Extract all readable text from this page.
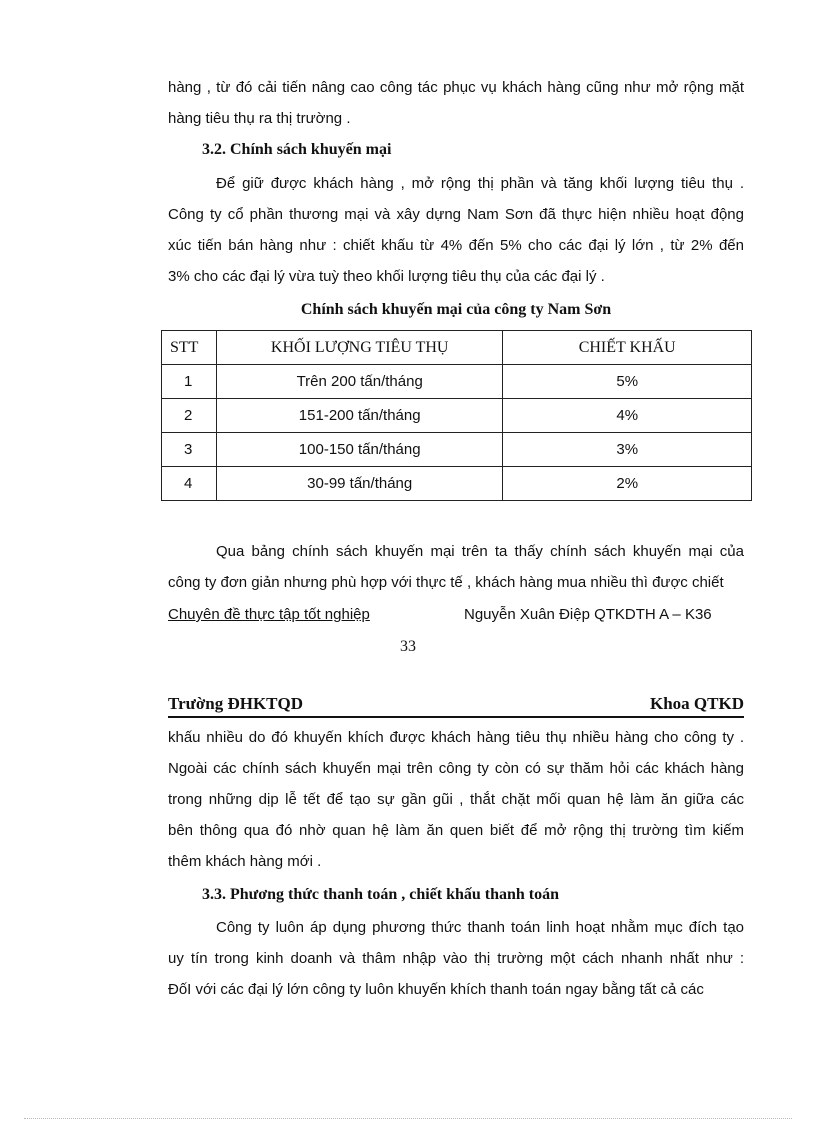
hàng , từ đó cải tiến nâng cao công tác phục vụ khách hàng cũng như mở rộng mặt
hàng tiêu thụ ra thị trường .
3.2. Chính sách khuyến mại
Để giữ được khách hàng , mở rộng thị phần và tăng khối lượng tiêu thụ .
Công ty cổ phần thương mại và xây dựng Nam Sơn đã thực hiện nhiều hoạt động
xúc tiến bán hàng như : chiết khấu từ 4% đến 5% cho các đại lý lớn , từ 2% đến
3% cho các đại lý vừa tuỳ theo khối lượng tiêu thụ của các đại lý .
Chính sách khuyến mại của công ty Nam Sơn
STT	KHỐI LƯỢNG TIÊU THỤ	CHIẾT KHẤU
1	Trên 200 tấn/tháng	5%
2	151-200 tấn/tháng	4%
3	100-150 tấn/tháng	3%
4	30-99 tấn/tháng	2%
Qua bảng chính sách khuyến mại trên ta thấy chính sách khuyến mại của
công ty đơn giản nhưng phù hợp với thực tế , khách hàng mua nhiều thì được chiết
Chuyên đề thực tập tốt nghiệp	Nguyễn Xuân Điệp QTKDTH A – K36
33
Trường ĐHKTQD	Khoa QTKD
khấu nhiều do đó khuyến khích được khách hàng tiêu thụ nhiều hàng cho công ty .
Ngoài các chính sách khuyến mại trên công ty còn có sự thăm hỏi các khách hàng
trong những dịp lễ tết để tạo sự gần gũi , thắt chặt mối quan hệ làm ăn giữa các
bên thông qua đó nhờ quan hệ làm ăn quen biết để mở rộng thị trường tìm kiếm
thêm khách hàng mới .
3.3. Phương thức thanh toán , chiết khấu thanh toán
Công ty luôn áp dụng phương thức thanh toán linh hoạt nhằm mục đích tạo
uy tín trong kinh doanh và thâm nhập vào thị trường một cách nhanh nhất như :
ĐốI với các đại lý lớn công ty luôn khuyến khích thanh toán ngay bằng tất cả các
